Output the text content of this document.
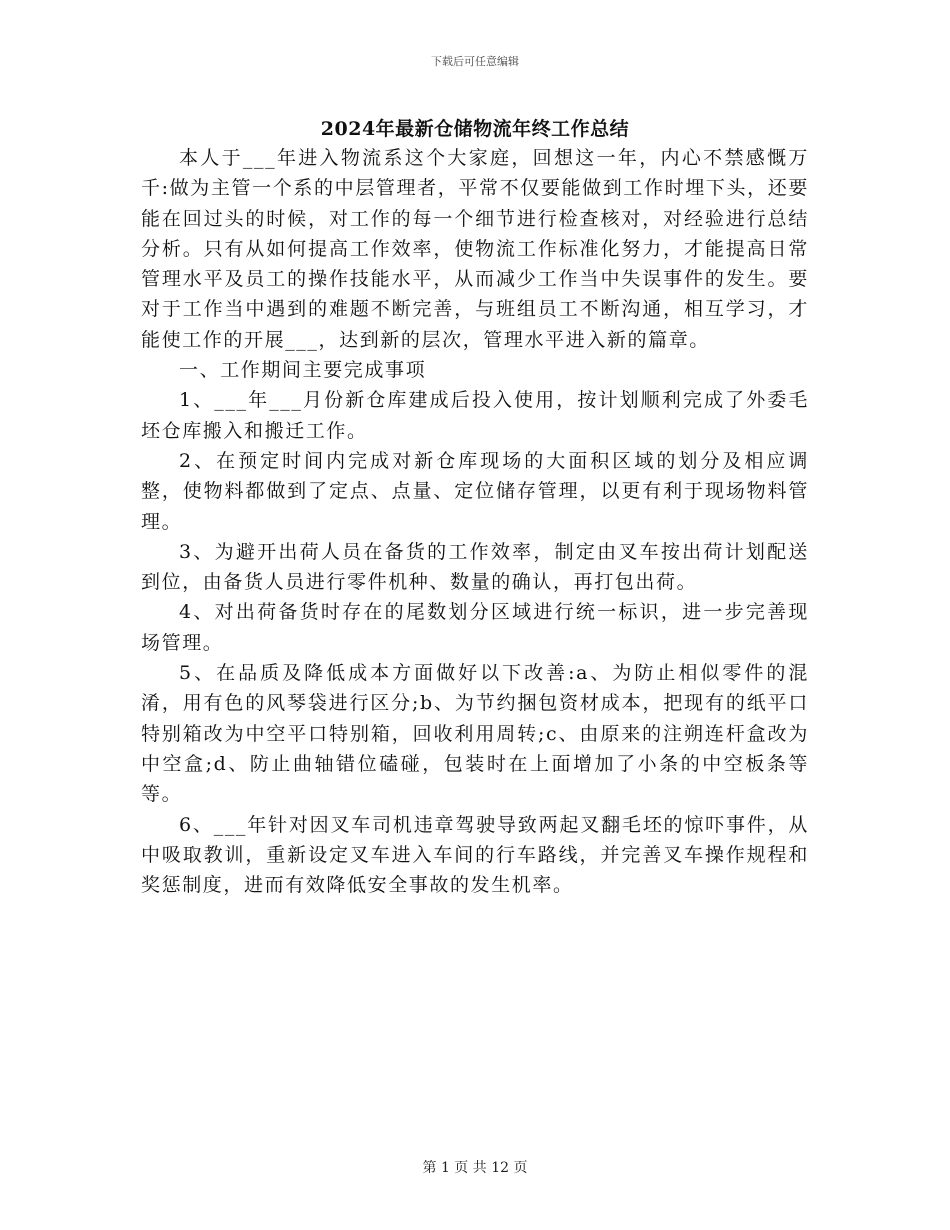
下载后可任意编辑
2024年最新仓储物流年终工作总结

本人于___年进入物流系这个大家庭，回想这一年，内心不禁感慨万千:做为主管一个系的中层管理者，平常不仅要能做到工作时埋下头，还要能在回过头的时候，对工作的每一个细节进行检查核对，对经验进行总结分析。只有从如何提高工作效率，使物流工作标准化努力，才能提高日常管理水平及员工的操作技能水平，从而减少工作当中失误事件的发生。要对于工作当中遇到的难题不断完善，与班组员工不断沟通，相互学习，才能使工作的开展___，达到新的层次，管理水平进入新的篇章。

一、工作期间主要完成事项

1、___年___月份新仓库建成后投入使用，按计划顺利完成了外委毛坯仓库搬入和搬迁工作。

2、在预定时间内完成对新仓库现场的大面积区域的划分及相应调整，使物料都做到了定点、点量、定位储存管理，以更有利于现场物料管理。

3、为避开出荷人员在备货的工作效率，制定由叉车按出荷计划配送到位，由备货人员进行零件机种、数量的确认，再打包出荷。

4、对出荷备货时存在的尾数划分区域进行统一标识，进一步完善现场管理。

5、在品质及降低成本方面做好以下改善:a、为防止相似零件的混淆，用有色的风琴袋进行区分;b、为节约捆包资材成本，把现有的纸平口特别箱改为中空平口特别箱，回收利用周转;c、由原来的注朔连杆盒改为中空盒;d、防止曲轴错位磕碰，包装时在上面增加了小条的中空板条等等。

6、___年针对因叉车司机违章驾驶导致两起叉翻毛坯的惊吓事件，从中吸取教训，重新设定叉车进入车间的行车路线，并完善叉车操作规程和奖惩制度，进而有效降低安全事故的发生机率。

第 1 页 共 12 页
